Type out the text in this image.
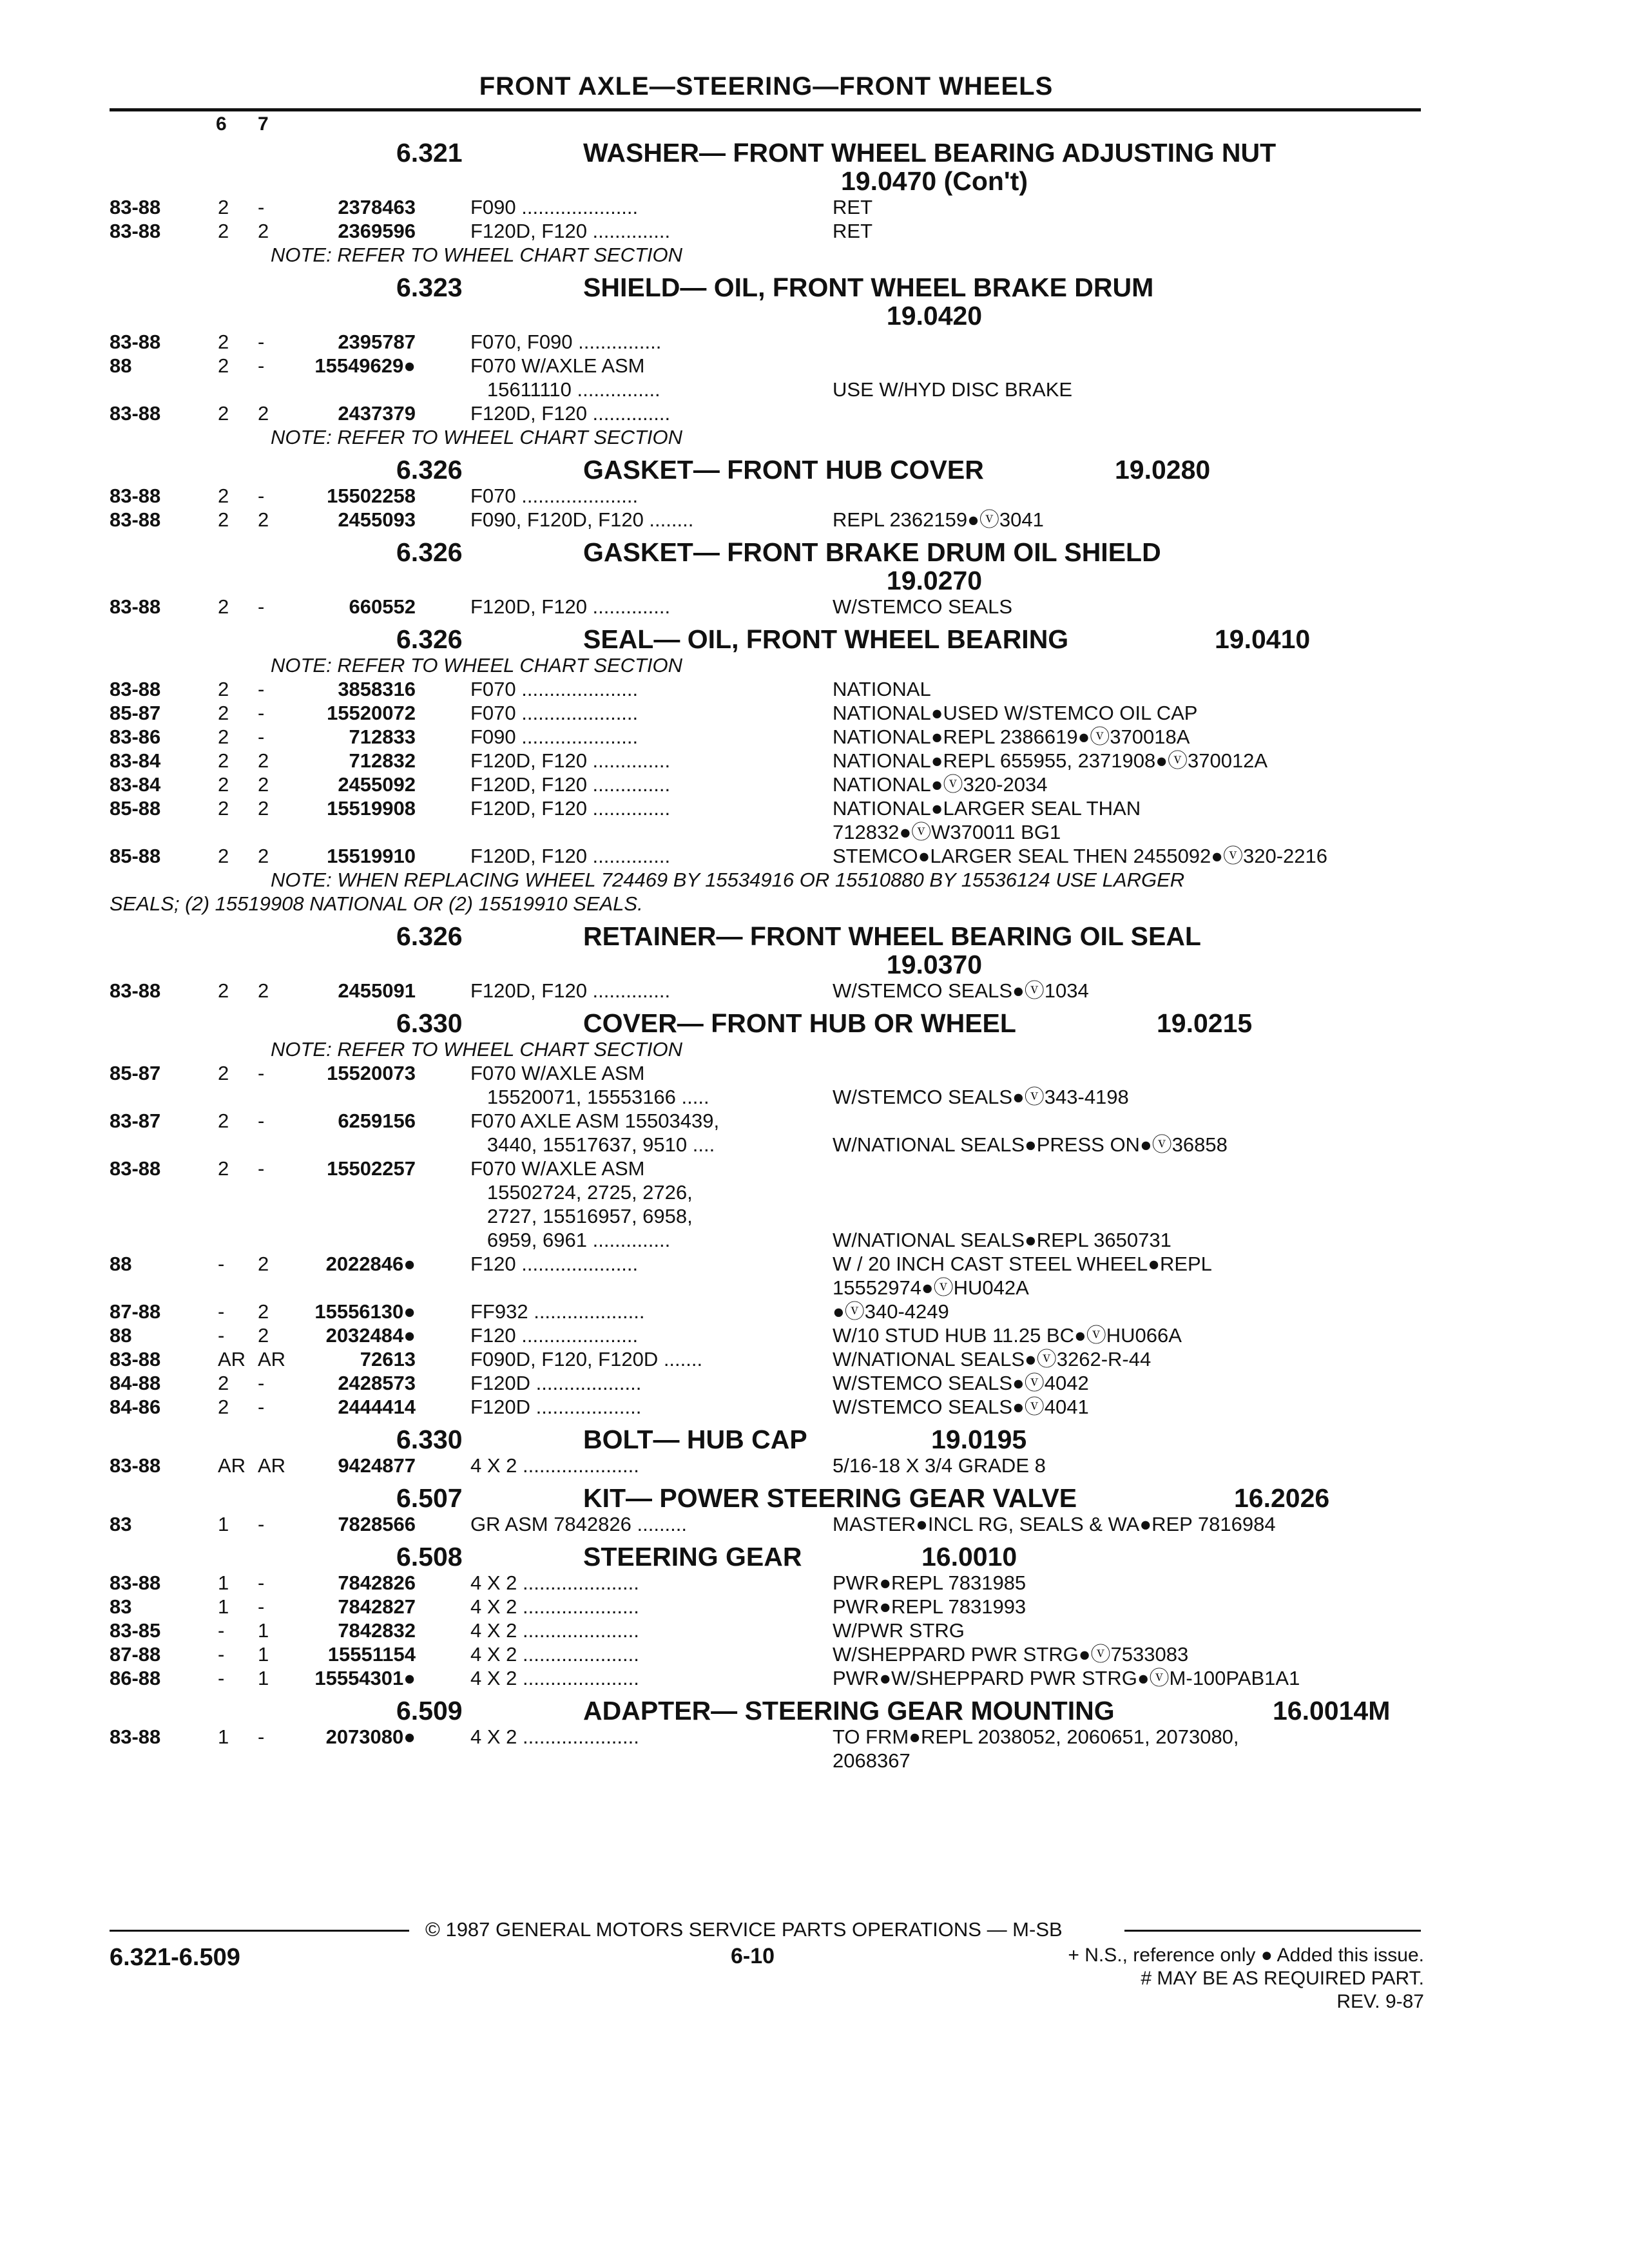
FRONT AXLE—STEERING—FRONT WHEELS
6 7
6.321	WASHER— FRONT WHEEL BEARING ADJUSTING NUT
19.0470 (Con't)
83-88	2 -	2378463	F090 .....................	RET
83-88	2 2	2369596	F120D, F120 ..............	RET
NOTE: REFER TO WHEEL CHART SECTION
6.323	SHIELD— OIL, FRONT WHEEL BRAKE DRUM
19.0420
83-88	2 -	2395787	F070, F090 ...............
88	2 -	15549629●	F070 W/AXLE ASM
15611110 ...............	USE W/HYD DISC BRAKE
83-88	2 2	2437379	F120D, F120 ..............
NOTE: REFER TO WHEEL CHART SECTION
6.326	GASKET— FRONT HUB COVER	19.0280
83-88	2 -	15502258	F070 .....................
83-88	2 2	2455093	F090, F120D, F120 ........	REPL 2362159●ⓥ3041
6.326	GASKET— FRONT BRAKE DRUM OIL SHIELD
19.0270
83-88	2 -	660552	F120D, F120 ..............	W/STEMCO SEALS
6.326	SEAL— OIL, FRONT WHEEL BEARING	19.0410
NOTE: REFER TO WHEEL CHART SECTION
83-88	2 -	3858316	F070 .....................	NATIONAL
85-87	2 -	15520072	F070 .....................	NATIONAL●USED W/STEMCO OIL CAP
83-86	2 -	712833	F090 .....................	NATIONAL●REPL 2386619●ⓥ370018A
83-84	2 2	712832	F120D, F120 ..............	NATIONAL●REPL 655955, 2371908●ⓥ370012A
83-84	2 2	2455092	F120D, F120 ..............	NATIONAL●ⓥ320-2034
85-88	2 2	15519908	F120D, F120 ..............	NATIONAL●LARGER SEAL THAN
712832●ⓥW370011 BG1
85-88	2 2	15519910	F120D, F120 ..............	STEMCO●LARGER SEAL THEN 2455092●ⓥ320-2216
NOTE: WHEN REPLACING WHEEL 724469 BY 15534916 OR 15510880 BY 15536124 USE LARGER
SEALS; (2) 15519908 NATIONAL OR (2) 15519910 SEALS.
6.326	RETAINER— FRONT WHEEL BEARING OIL SEAL
19.0370
83-88	2 2	2455091	F120D, F120 ..............	W/STEMCO SEALS●ⓥ1034
6.330	COVER— FRONT HUB OR WHEEL	19.0215
NOTE: REFER TO WHEEL CHART SECTION
85-87	2 -	15520073	F070 W/AXLE ASM
15520071, 15553166 .....	W/STEMCO SEALS●ⓥ343-4198
83-87	2 -	6259156	F070 AXLE ASM 15503439,
3440, 15517637, 9510 ....	W/NATIONAL SEALS●PRESS ON●ⓥ36858
83-88	2 -	15502257	F070 W/AXLE ASM
15502724, 2725, 2726,
2727, 15516957, 6958,
6959, 6961 ..............	W/NATIONAL SEALS●REPL 3650731
88	- 2	2022846●	F120 .....................	W / 20 INCH CAST STEEL WHEEL●REPL
15552974●ⓥHU042A
87-88	- 2	15556130●	FF932 ....................	●ⓥ340-4249
88	- 2	2032484●	F120 .....................	W/10 STUD HUB 11.25 BC●ⓥHU066A
83-88	AR AR	72613	F090D, F120, F120D .......	W/NATIONAL SEALS●ⓥ3262-R-44
84-88	2 -	2428573	F120D ...................	W/STEMCO SEALS●ⓥ4042
84-86	2 -	2444414	F120D ...................	W/STEMCO SEALS●ⓥ4041
6.330	BOLT— HUB CAP	19.0195
83-88	AR AR	9424877	4 X 2 .....................	5/16-18 X 3/4 GRADE 8
6.507	KIT— POWER STEERING GEAR VALVE	16.2026
83	1 -	7828566	GR ASM 7842826 .........	MASTER●INCL RG, SEALS & WA●REP 7816984
6.508	STEERING GEAR	16.0010
83-88	1 -	7842826	4 X 2 .....................	PWR●REPL 7831985
83	1 -	7842827	4 X 2 .....................	PWR●REPL 7831993
83-85	- 1	7842832	4 X 2 .....................	W/PWR STRG
87-88	- 1	15551154	4 X 2 .....................	W/SHEPPARD PWR STRG●ⓥ7533083
86-88	- 1	15554301●	4 X 2 .....................	PWR●W/SHEPPARD PWR STRG●ⓥM-100PAB1A1
6.509	ADAPTER— STEERING GEAR MOUNTING	16.0014M
83-88	1 -	2073080●	4 X 2 .....................	TO FRM●REPL 2038052, 2060651, 2073080,
2068367
© 1987 GENERAL MOTORS SERVICE PARTS OPERATIONS — M-SB
6.321-6.509	6-10	+ N.S., reference only ● Added this issue.
# MAY BE AS REQUIRED PART.
REV. 9-87
